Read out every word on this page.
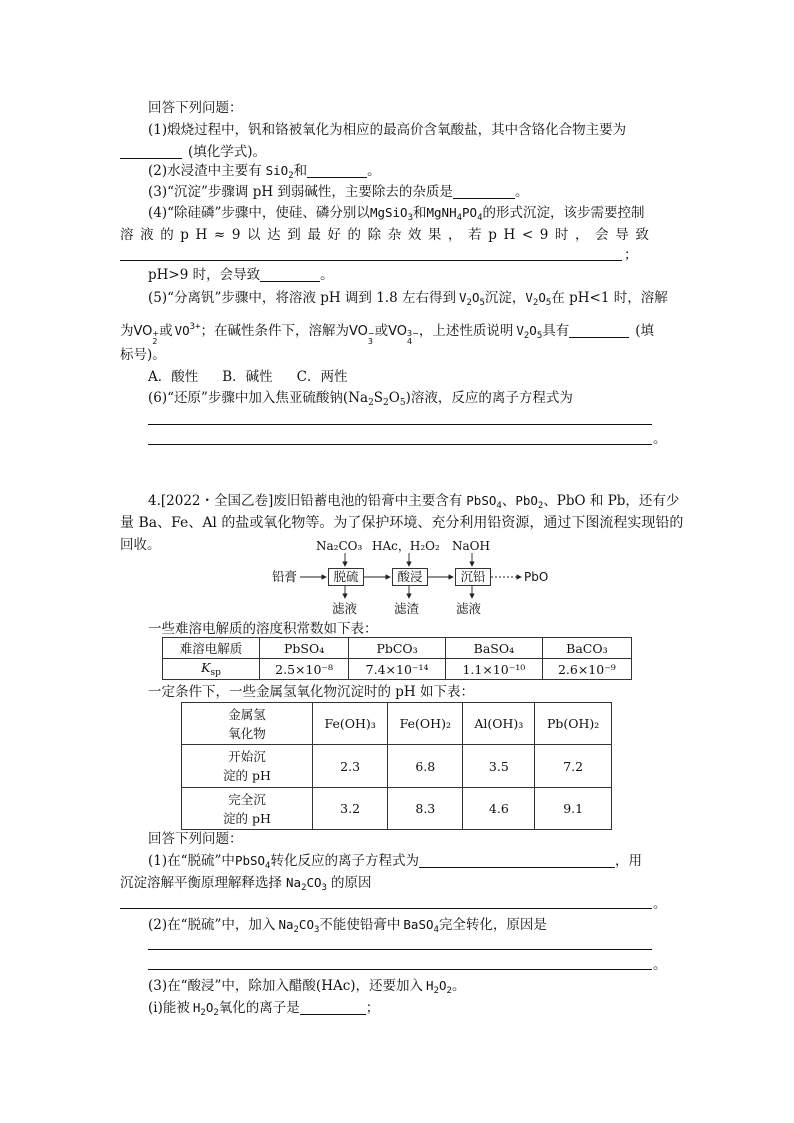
回答下列问题：
(1)煅烧过程中，钒和铬被氧化为相应的最高价含氧酸盐，其中含铬化合物主要为
(填化学式)。
(2)水浸渣中主要有 SiO$_2$和	。
(3)“沉淀”步骤调 pH 到弱碱性，主要除去的杂质是	。
(4)“除硅磷”步骤中，使硅、磷分别以MgSiO$_3$和$MgNH_4PO_4$的形式沉淀，该步需要控制
溶液的pH≈9以达到最好的除杂效果，若pH<9时，会导致
；
pH>9 时，会导致	。
(5)“分离钒”步骤中，将溶液 pH 调到 1.8 左右得到 $V_2O_5$沉淀，$V_2O_5$在 pH<1 时，溶解
为VO +
2
或 $VO^{3+}$；在碱性条件下，溶解为VO −
3
或VO 3−
4
，上述性质说明 $V_2O_5$具有	(填
标号)。
A．酸性 B．碱性 C．两性
(6)“还原”步骤中加入焦亚硫酸钠$(Na_2S_2O_5)$溶液，反应的离子方程式为
。
4.[2022・全国乙卷]废旧铅蓄电池的铅膏中主要含有 PbSO$_4$、PbO$_2$、PbO 和 Pb，还有少
量 Ba、Fe、Al 的盐或氧化物等。为了保护环境、充分利用铅资源，通过下图流程实现铅的
回收。	Na₂CO₃ HAc，H₂O₂ NaOH
铅膏	脱硫	酸浸	沉铅	PbO
滤液	滤渣	滤液
一些难溶电解质的溶度积常数如下表：
难溶电解质	PbSO₄	PbCO₃	BaSO₄	BaCO₃
$K_{sp}$	2.5×10⁻⁸	7.4×10⁻¹⁴	1.1×10⁻¹⁰	2.6×10⁻⁹
一定条件下，一些金属氢氧化物沉淀时的 pH 如下表：
金属氢
氧化物	Fe(OH)₃	Fe(OH)₂	Al(OH)₃	Pb(OH)₂

开始沉
淀的 pH	2.3	6.8	3.5	7.2

完全沉
淀的 pH	3.2	8.3	4.6	9.1
回答下列问题：
(1)在“脱硫”中PbSO$_4$转化反应的离子方程式为	，用
沉淀溶解平衡原理解释选择 $Na_2CO_3$ 的原因
。
(2)在“脱硫”中，加入 $Na_2CO_3$不能使铅膏中 BaSO$_4$完全转化，原因是
。
(3)在“酸浸”中，除加入醋酸(HAc)，还要加入 $H_2O_2$。
(ⅰ)能被 $H_2O_2$氧化的离子是	；
